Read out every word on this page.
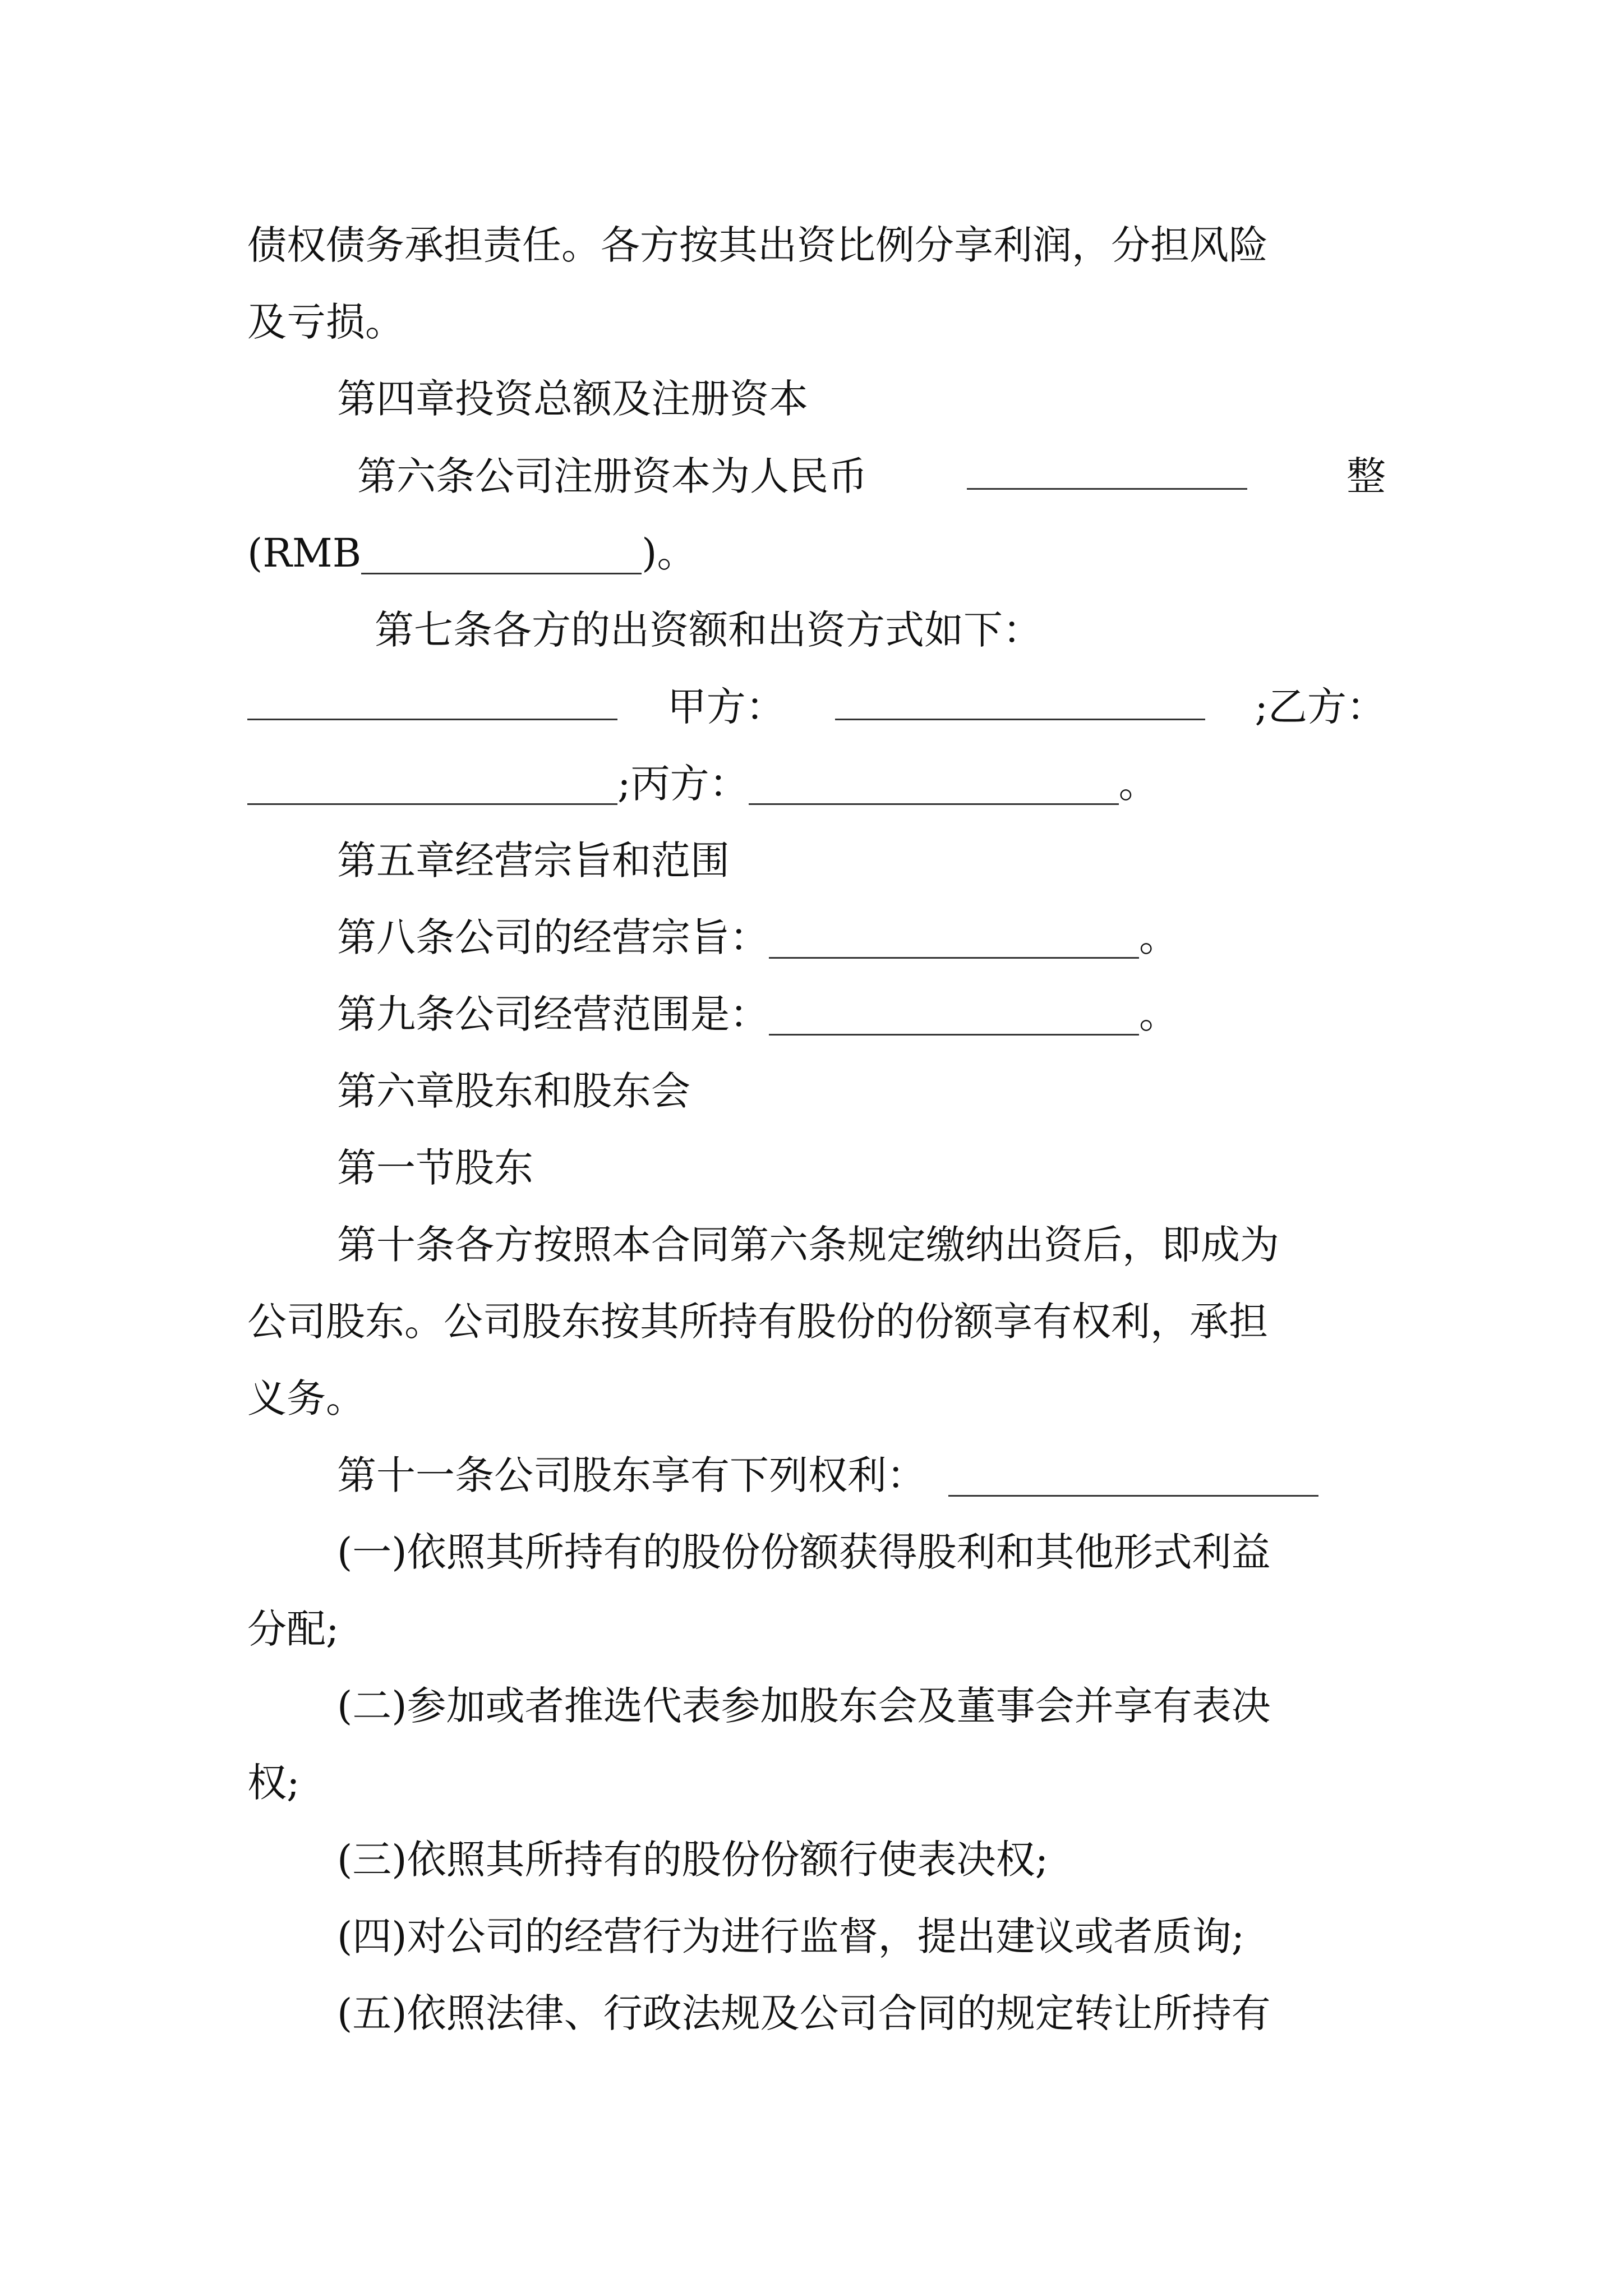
债权债务承担责任。各方按其出资比例分享利润，分担风险
及亏损。
第四章投资总额及注册资本
第六条公司注册资本为人民币	整
(RMB	)。
第七条各方的出资额和出资方式如下：
甲方：	;乙方：
;丙方：	。
第五章经营宗旨和范围
第八条公司的经营宗旨：	。
第九条公司经营范围是：	。
第六章股东和股东会
第一节股东
第十条各方按照本合同第六条规定缴纳出资后，即成为
公司股东。公司股东按其所持有股份的份额享有权利，承担
义务。
第十一条公司股东享有下列权利：
(一)依照其所持有的股份份额获得股利和其他形式利益
分配;
(二)参加或者推选代表参加股东会及董事会并享有表决
权;
(三)依照其所持有的股份份额行使表决权;
(四)对公司的经营行为进行监督，提出建议或者质询;
(五)依照法律、行政法规及公司合同的规定转让所持有
